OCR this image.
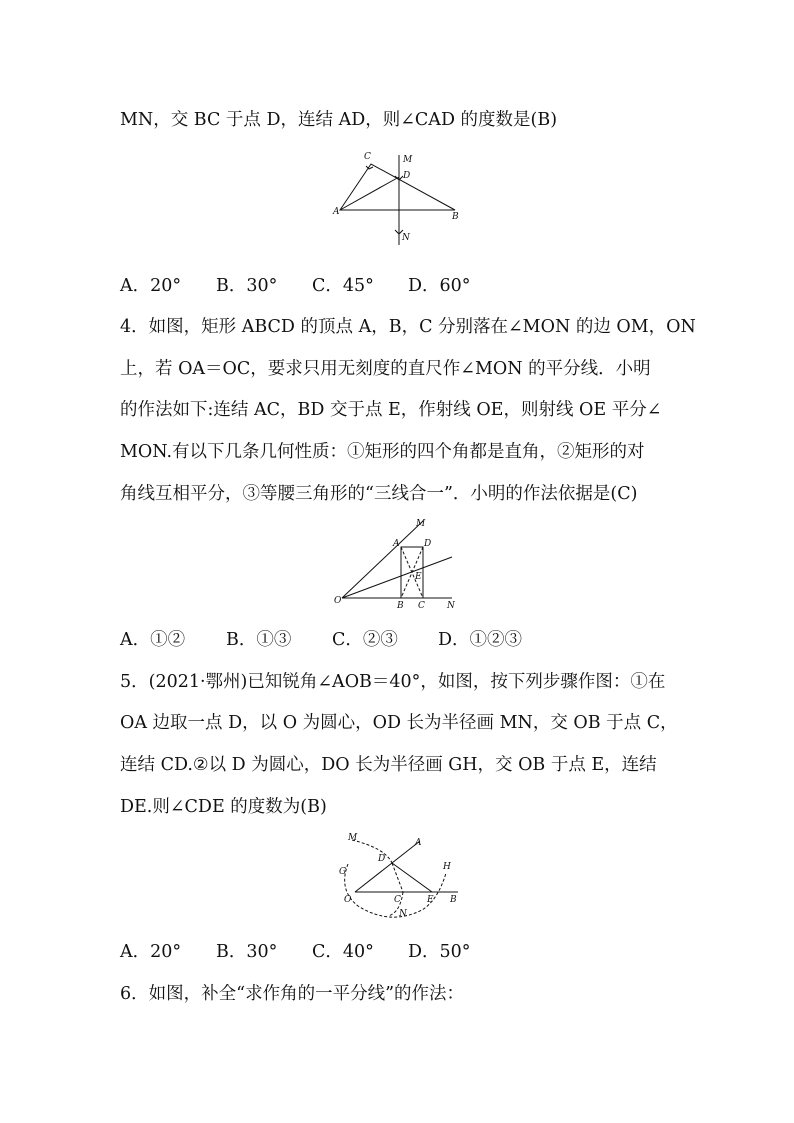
MN，交 BC 于点 D，连结 AD，则∠CAD 的度数是(B)
C	M
D
A	B
N
A．20° B．30° C．45° D．60°
4．如图，矩形 ABCD 的顶点 A，B，C 分别落在∠MON 的边 OM，ON
上，若 OA＝OC，要求只用无刻度的直尺作∠MON 的平分线．小明
的作法如下:连结 AC，BD 交于点 E，作射线 OE，则射线 OE 平分∠
MON.有以下几条几何性质：①矩形的四个角都是直角，②矩形的对
角线互相平分，③等腰三角形的“三线合一”．小明的作法依据是(C)
M
A	D
E
O	B C N
A．①② B．①③ C．②③ D．①②③
5．(2021·鄂州)已知锐角∠AOB＝40°，如图，按下列步骤作图：①在
OA 边取一点 D，以 O 为圆心，OD 长为半径画 MN，交 OB 于点 C，
连结 CD.②以 D 为圆心，DO 长为半径画 GH，交 OB 于点 E，连结
DE.则∠CDE 的度数为(B)
M	A
D
H
G
O	C	E B
N
A．20° B．30° C．40° D．50°
6．如图，补全“求作角的一平分线”的作法：
